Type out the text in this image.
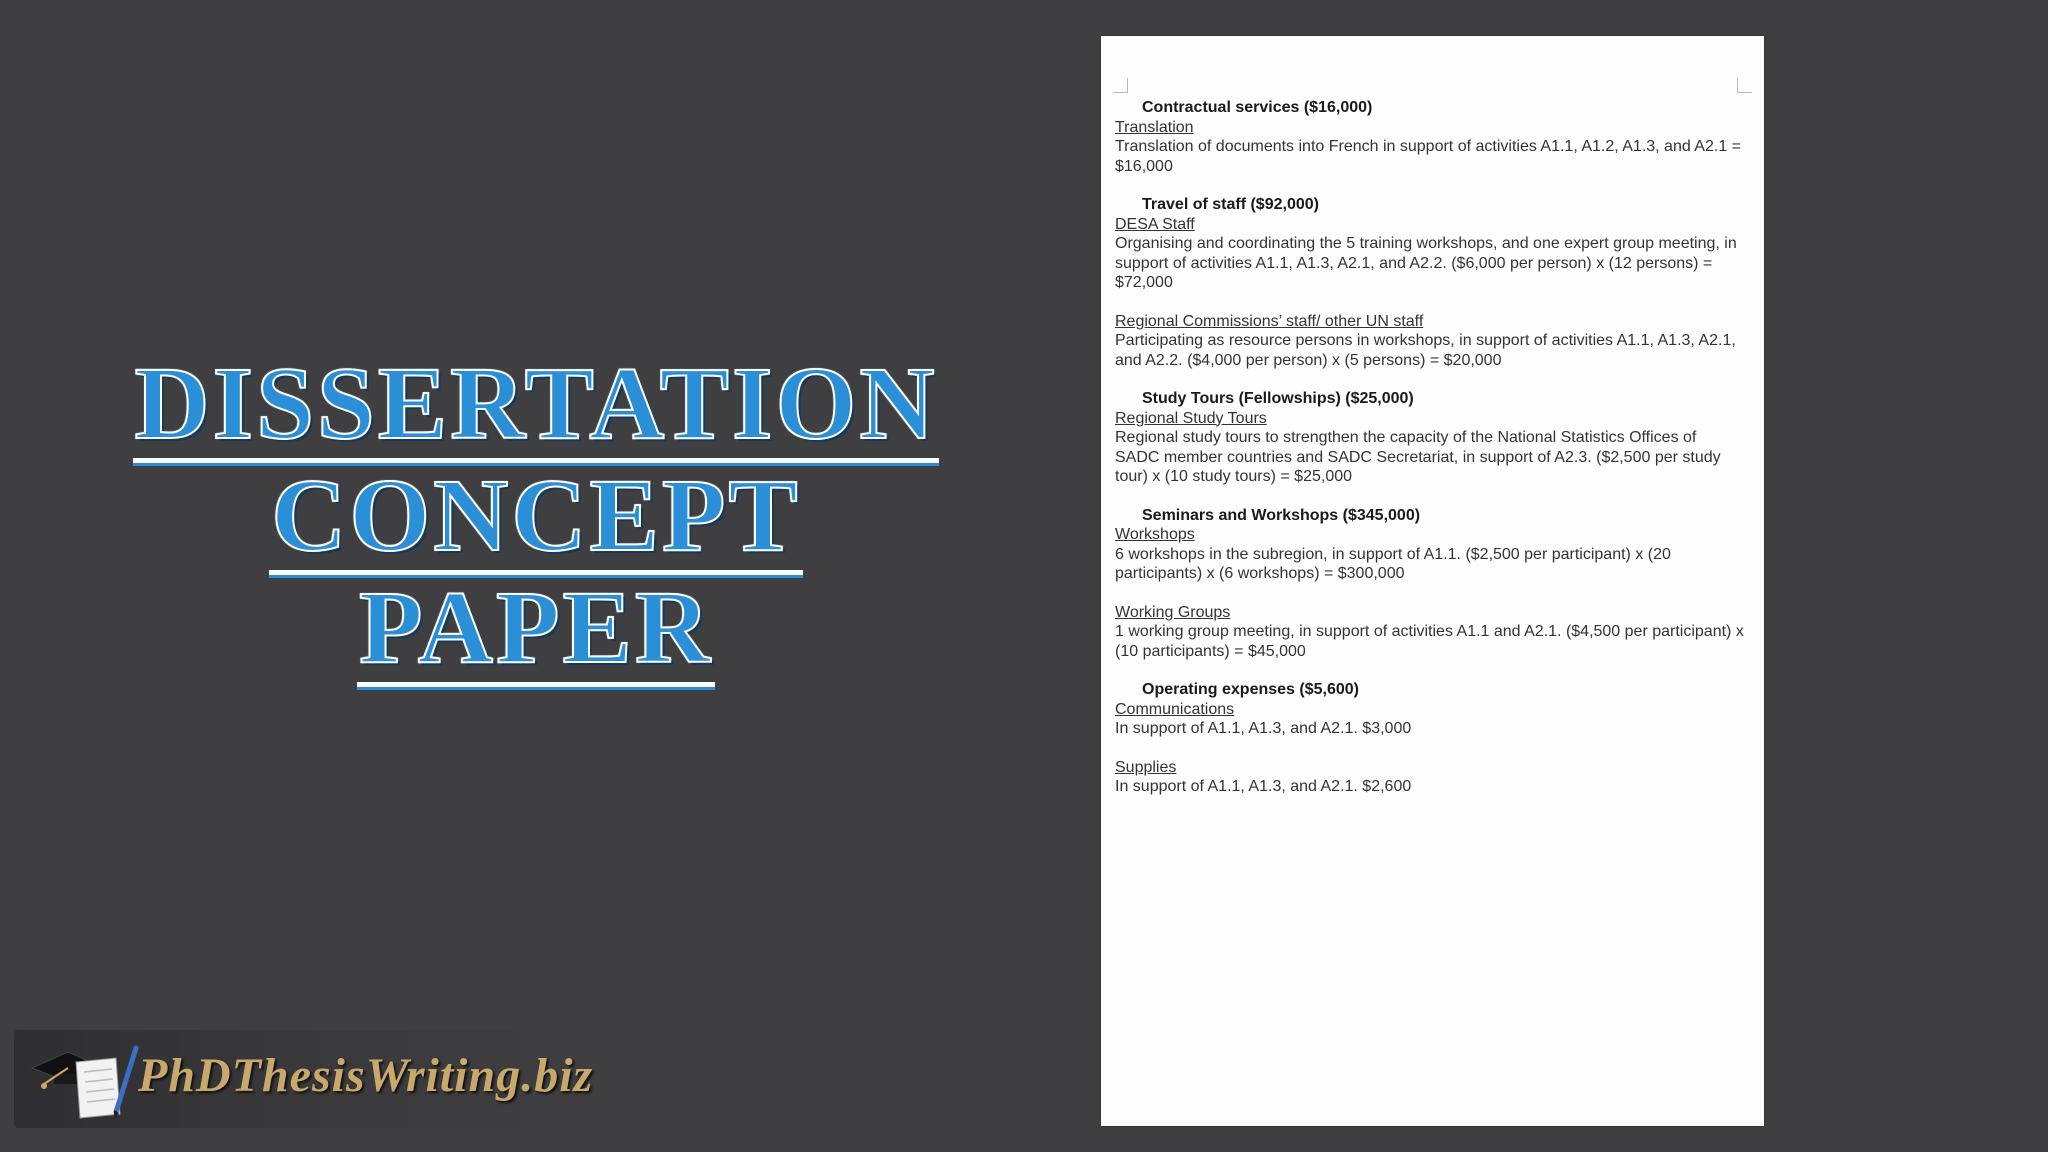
DISSERTATION
CONCEPT
PAPER
PhDThesisWriting.biz

Contractual services ($16,000)

Translation

Translation of documents into French in support of activities A1.1, A1.2, A1.3, and A2.1 = $16,000

Travel of staff ($92,000)

DESA Staff

Organising and coordinating the 5 training workshops, and one expert group meeting, in support of activities A1.1, A1.3, A2.1, and A2.2. ($6,000 per person) x (12 persons) = $72,000

Regional Commissions’ staff/ other UN staff

Participating as resource persons in workshops, in support of activities A1.1, A1.3, A2.1, and A2.2. ($4,000 per person) x (5 persons) = $20,000

Study Tours (Fellowships) ($25,000)

Regional Study Tours

Regional study tours to strengthen the capacity of the National Statistics Offices of SADC member countries and SADC Secretariat, in support of A2.3. ($2,500 per study tour) x (10 study tours) = $25,000

Seminars and Workshops ($345,000)

Workshops

6 workshops in the subregion, in support of A1.1. ($2,500 per participant) x (20 participants) x (6 workshops) = $300,000

Working Groups

1 working group meeting, in support of activities A1.1 and A2.1. ($4,500 per participant) x (10 participants) = $45,000

Operating expenses ($5,600)

Communications

In support of A1.1, A1.3, and A2.1. $3,000

Supplies

In support of A1.1, A1.3, and A2.1. $2,600
